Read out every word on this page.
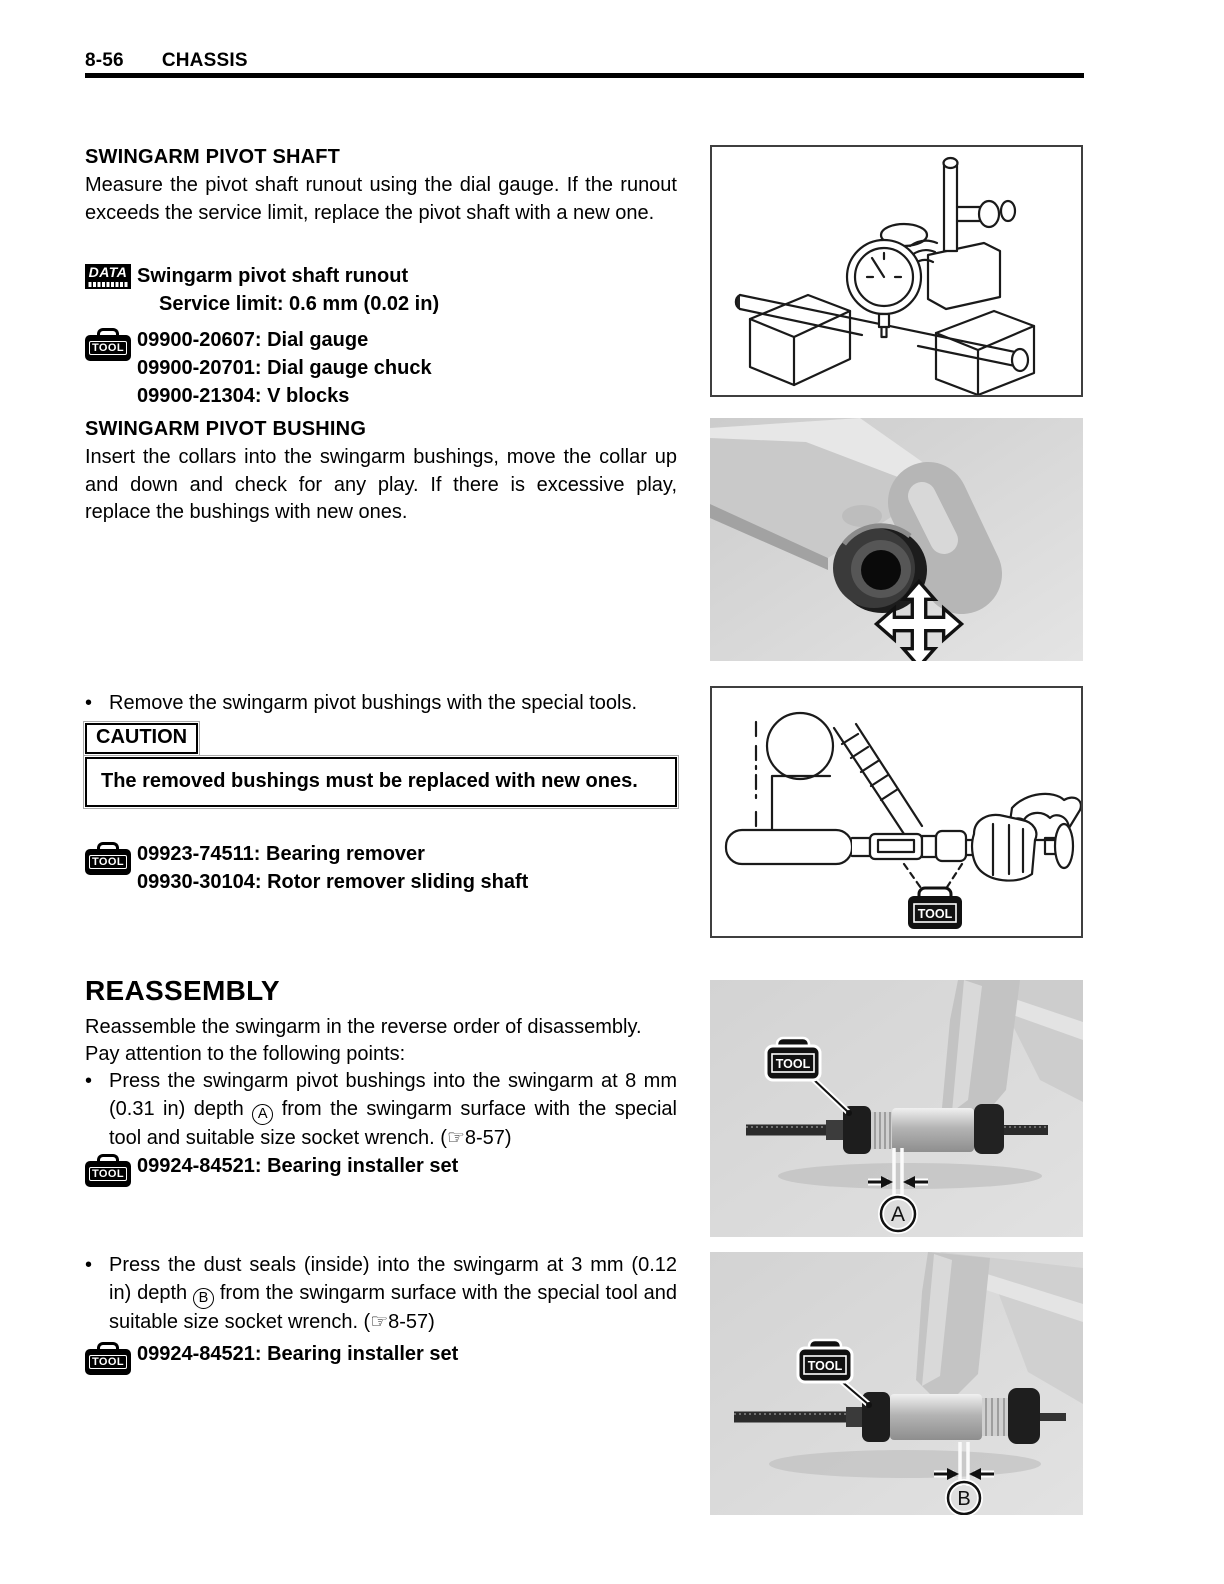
8-56 CHASSIS
SWINGARM PIVOT SHAFT

Measure the pivot shaft runout using the dial gauge. If the runout exceeds the service limit, replace the pivot shaft with a new one.

DATA Swingarm pivot shaft runout
Service limit: 0.6 mm (0.02 in)
TOOL 09900-20607: Dial gauge
09900-20701: Dial gauge chuck
09900-21304: V blocks
SWINGARM PIVOT BUSHING

Insert the collars into the swingarm bushings, move the collar up and down and check for any play. If there is excessive play, replace the bushings with new ones.

• Remove the swingarm pivot bushings with the special tools.

CAUTION
The removed bushings must be replaced with new ones.
TOOL 09923-74511: Bearing remover
09930-30104: Rotor remover sliding shaft
REASSEMBLY

Reassemble the swingarm in the reverse order of disassembly.

Pay attention to the following points:

• Press the swingarm pivot bushings into the swingarm at 8 mm (0.31 in) depth A from the swingarm surface with the special tool and suitable size socket wrench. (☞8-57)

TOOL 09924-84521: Bearing installer set
• Press the dust seals (inside) into the swingarm at 3 mm (0.12 in) depth B from the swingarm surface with the special tool and suitable size socket wrench. (☞8-57)

TOOL 09924-84521: Bearing installer set
TOOL
TOOL
A
TOOL
B
